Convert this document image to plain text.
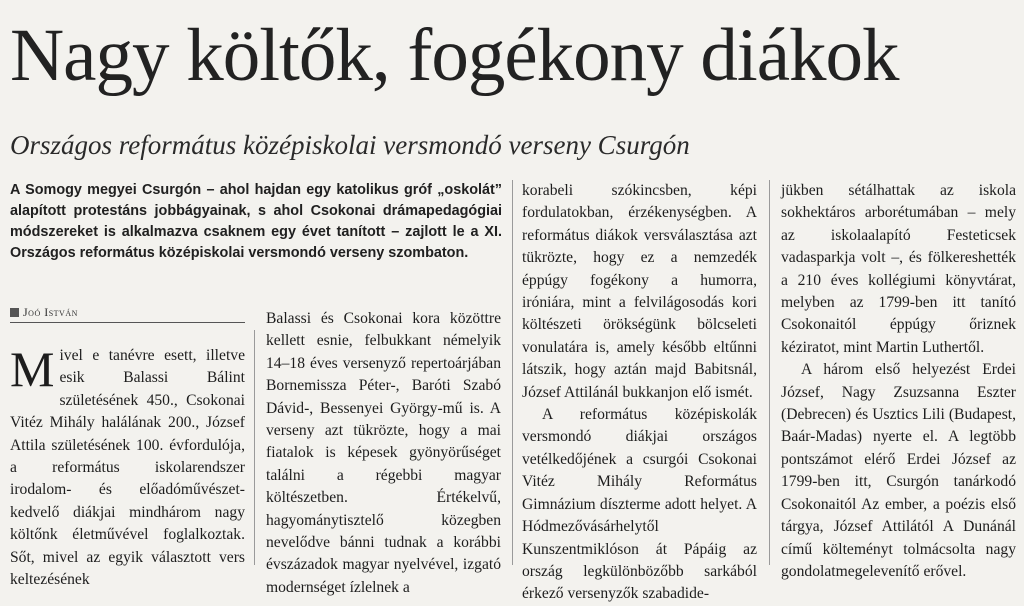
Nagy költők, fogékony diákok
Országos református középiskolai versmondó verseny Csurgón
A Somogy megyei Csurgón – ahol hajdan egy katolikus gróf „oskolát” alapított protestáns jobbágyainak, s ahol Csokonai drámapedagógiai módszereket is alkalmazva csaknem egy évet tanított – zajlott le a XI. Országos református középiskolai versmondó verseny szombaton.
Joó István

Mivel e tanévre esett, illetve esik Balassi Bálint születésének 450., Csokonai Vitéz Mihály halálának 200., József Attila születésének 100. évfordulója, a református iskolarendszer irodalom- és előadóművészet-kedvelő diákjai mindhárom nagy költőnk életművével foglalkoztak. Sőt, mivel az egyik választott vers keltezésének

Balassi és Csokonai kora közöttre kellett esnie, felbukkant némelyik 14–18 éves versenyző repertoárjában Bornemissza Péter-, Baróti Szabó Dávid-, Bessenyei György-mű is. A verseny azt tükrözte, hogy a mai fiatalok is képesek gyönyörűséget találni a régebbi magyar költészetben. Értékelvű, hagyománytisztelő közegben nevelődve bánni tudnak a korábbi évszázadok magyar nyelvével, izgató modernséget ízlelnek a

korabeli szókincsben, képi fordulatokban, érzékenységben. A református diákok versválasztása azt tükrözte, hogy ez a nemzedék éppúgy fogékony a humorra, iróniára, mint a felvilágosodás kori költészeti örökségünk bölcseleti vonulatára is, amely később eltűnni látszik, hogy aztán majd Babitsnál, József Attilánál bukkanjon elő ismét.

A református középiskolák versmondó diákjai országos vetélkedőjének a csurgói Csokonai Vitéz Mihály Református Gimnázium díszterme adott helyet. A Hódmezővásárhelytől Kunszentmiklóson át Pápáig az ország legkülönbözőbb sarkából érkező versenyzők szabadide-

jükben sétálhattak az iskola sokhektáros arborétumában – mely az iskolaalapító Festeticsek vadasparkja volt –, és fölkereshették a 210 éves kollégiumi könyvtárat, melyben az 1799-ben itt tanító Csokonaitól éppúgy őriznek kéziratot, mint Martin Luthertől.

A három első helyezést Erdei József, Nagy Zsuzsanna Eszter (Debrecen) és Usztics Lili (Budapest, Baár-Madas) nyerte el. A legtöbb pontszámot elérő Erdei József az 1799-ben itt, Csurgón tanárkodó Csokonaitól Az ember, a poézis első tárgya, József Attilától A Dunánál című költeményt tolmácsolta nagy gondolatmegelevenítő erővel.
